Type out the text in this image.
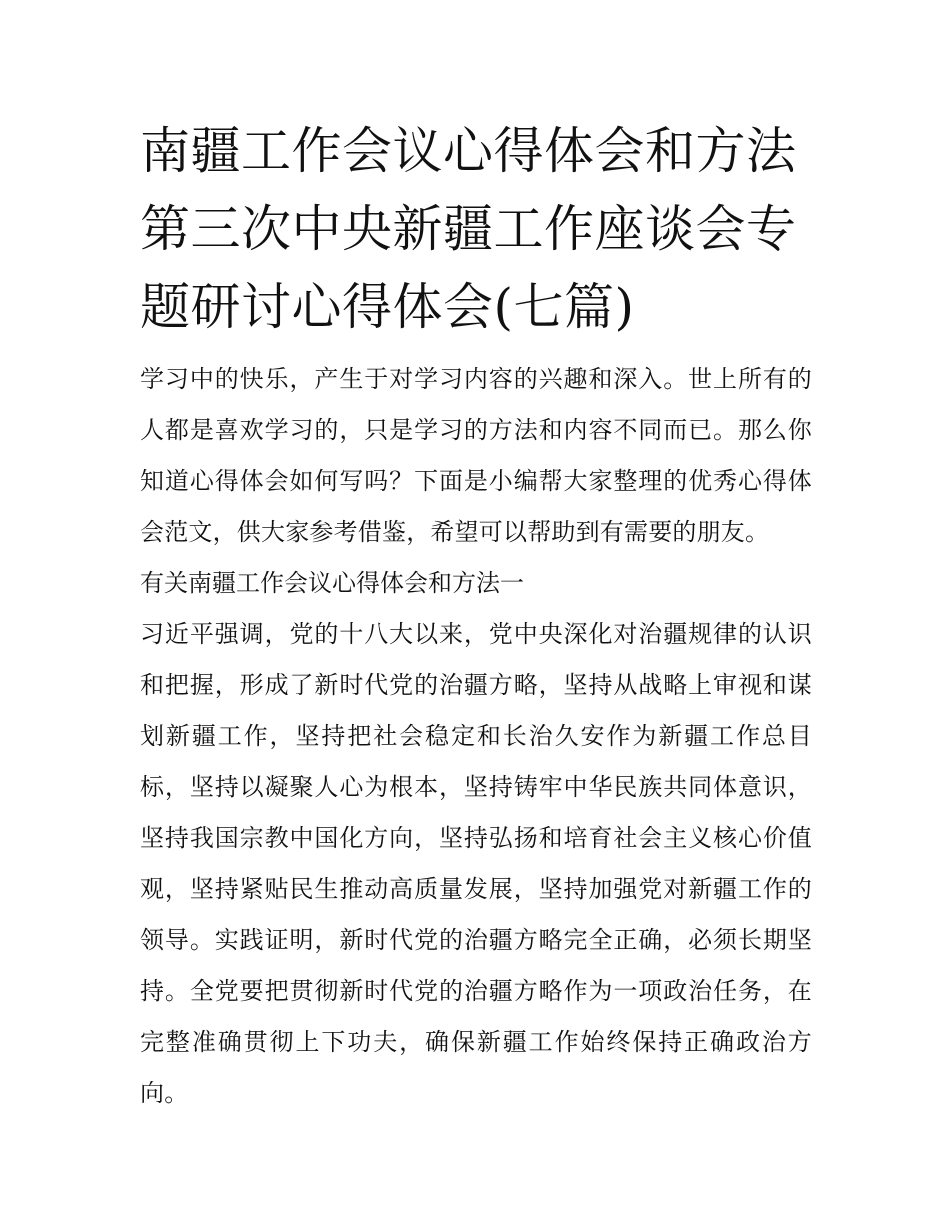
南疆工作会议心得体会和方法
第三次中央新疆工作座谈会专
题研讨心得体会(七篇)

学习中的快乐，产生于对学习内容的兴趣和深入。世上所有的人都是喜欢学习的，只是学习的方法和内容不同而已。那么你知道心得体会如何写吗？下面是小编帮大家整理的优秀心得体会范文，供大家参考借鉴，希望可以帮助到有需要的朋友。

有关南疆工作会议心得体会和方法一

习近平强调，党的十八大以来，党中央深化对治疆规律的认识和把握，形成了新时代党的治疆方略，坚持从战略上审视和谋划新疆工作，坚持把社会稳定和长治久安作为新疆工作总目标，坚持以凝聚人心为根本，坚持铸牢中华民族共同体意识，坚持我国宗教中国化方向，坚持弘扬和培育社会主义核心价值观，坚持紧贴民生推动高质量发展，坚持加强党对新疆工作的领导。实践证明，新时代党的治疆方略完全正确，必须长期坚持。全党要把贯彻新时代党的治疆方略作为一项政治任务，在完整准确贯彻上下功夫，确保新疆工作始终保持正确政治方向。
